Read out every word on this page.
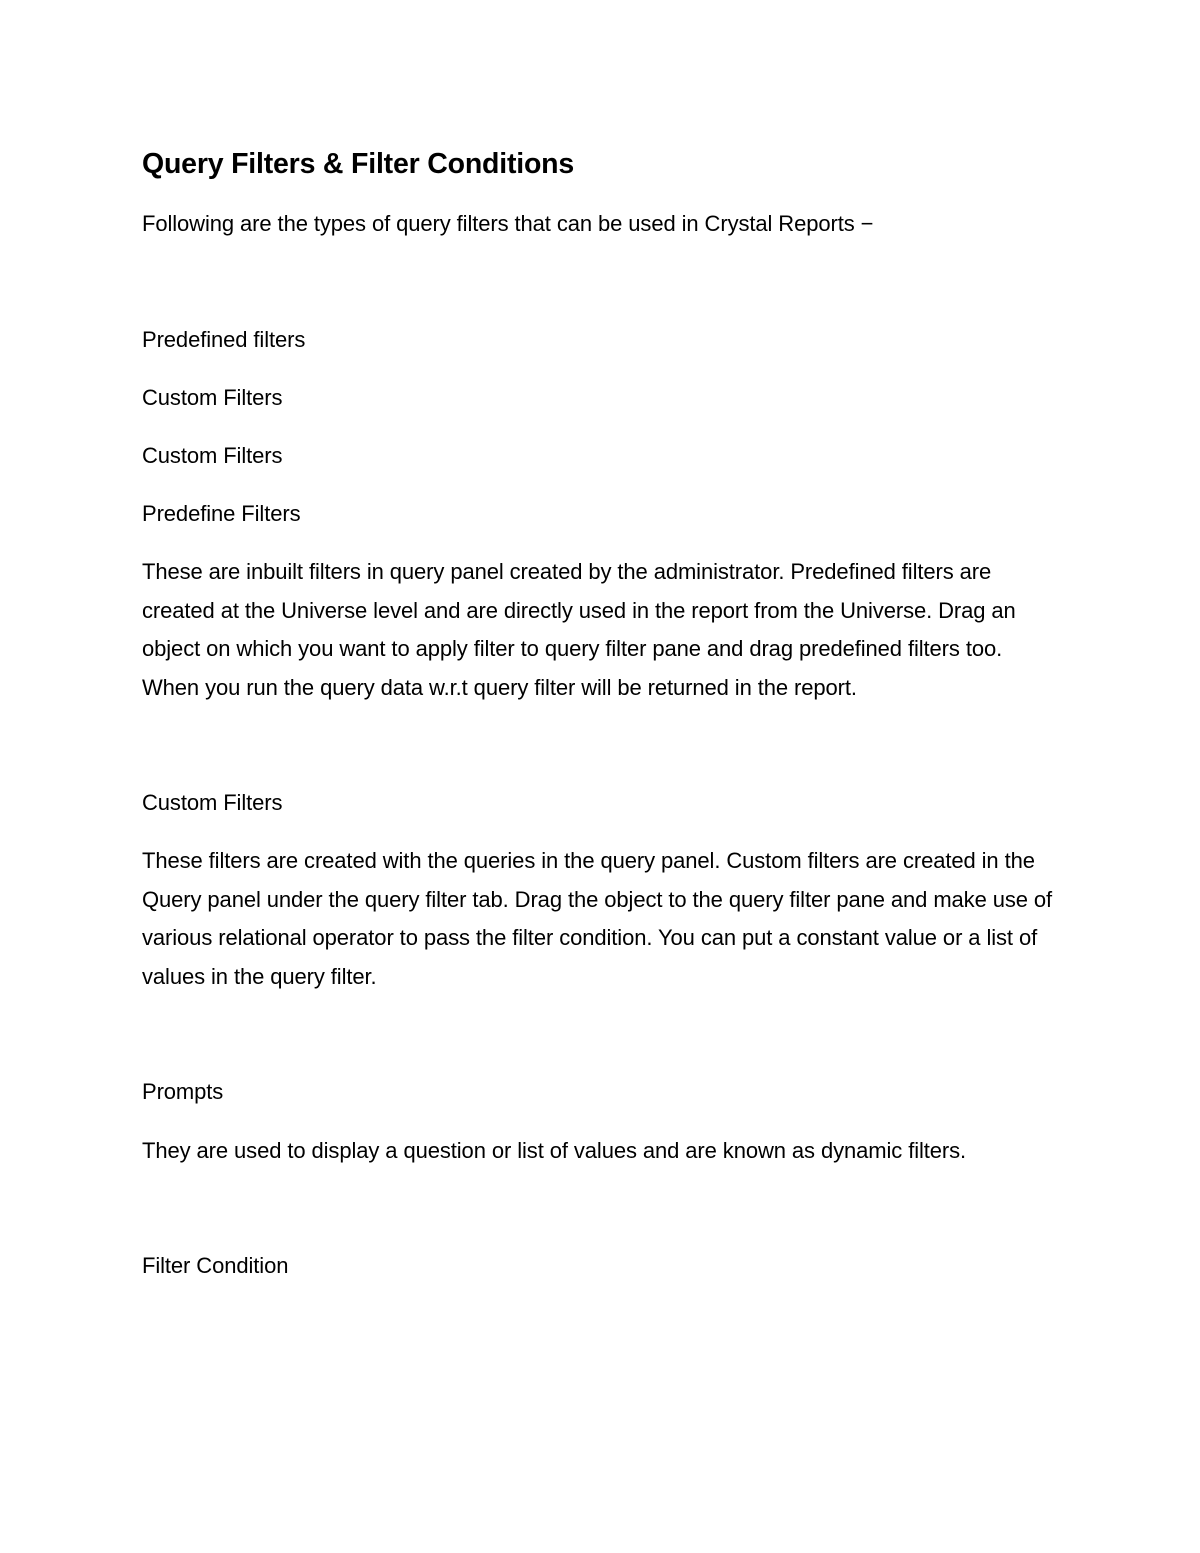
Query Filters & Filter Conditions

Following are the types of query filters that can be used in Crystal Reports −

Predefined filters

Custom Filters

Custom Filters

Predefine Filters

These are inbuilt filters in query panel created by the administrator. Predefined filters are created at the Universe level and are directly used in the report from the Universe. Drag an object on which you want to apply filter to query filter pane and drag predefined filters too. When you run the query data w.r.t query filter will be returned in the report.

Custom Filters

These filters are created with the queries in the query panel. Custom filters are created in the Query panel under the query filter tab. Drag the object to the query filter pane and make use of various relational operator to pass the filter condition. You can put a constant value or a list of values in the query filter.

Prompts

They are used to display a question or list of values and are known as dynamic filters.

Filter Condition
